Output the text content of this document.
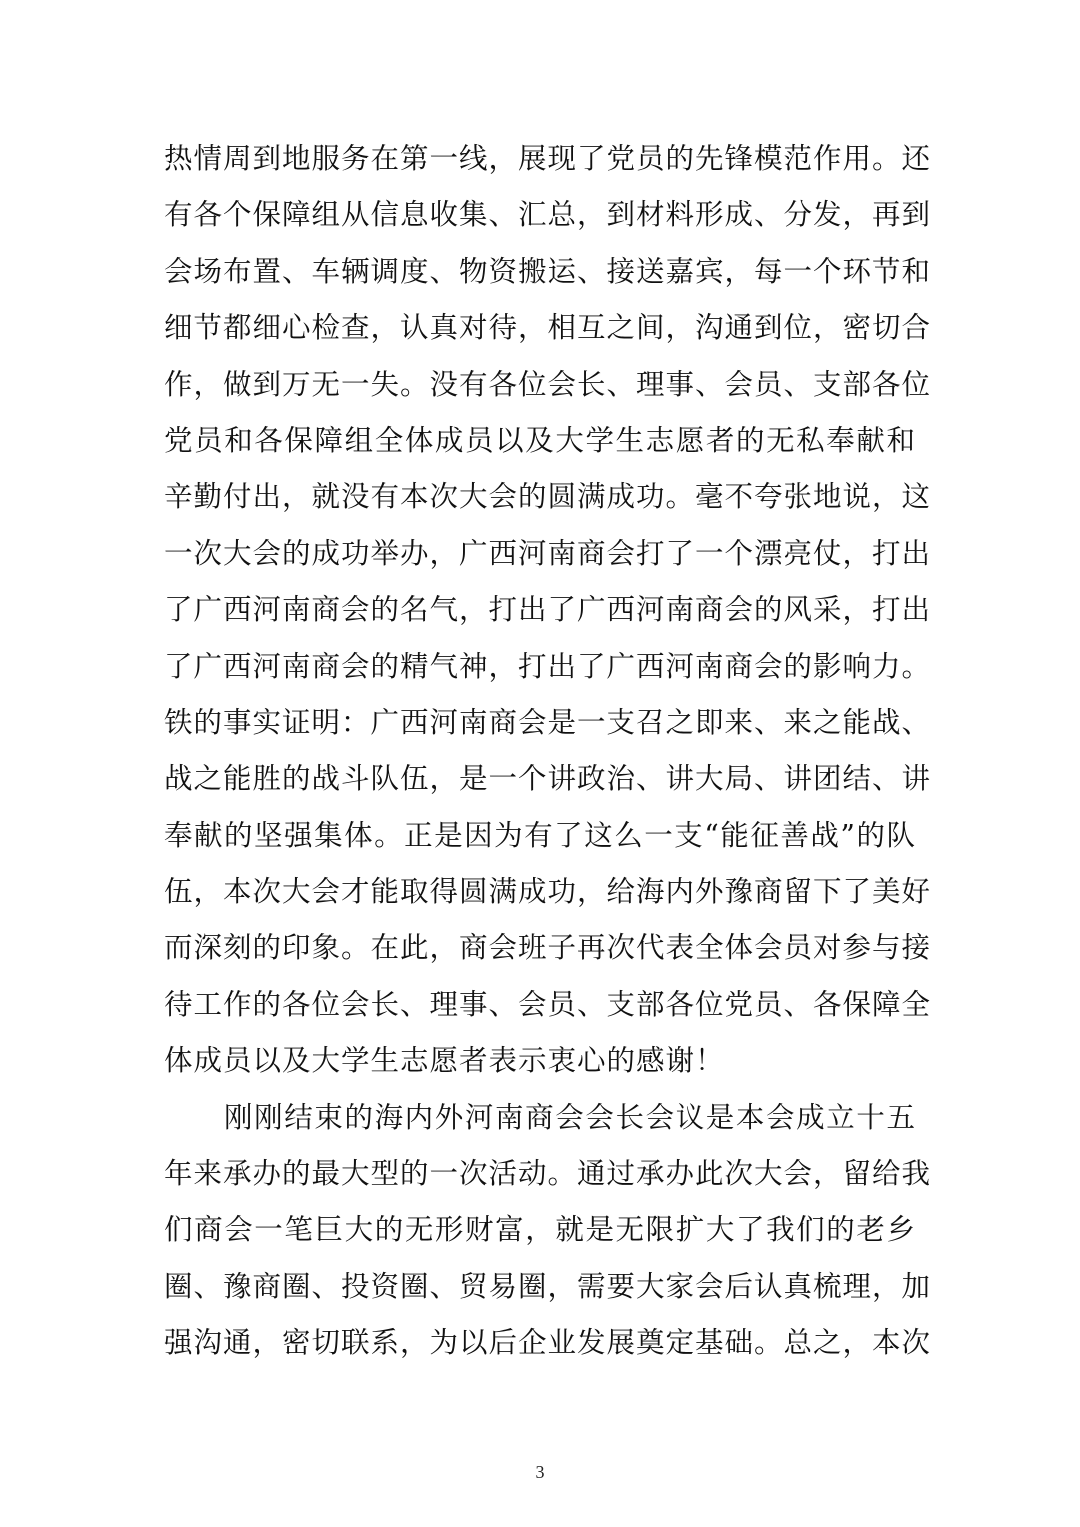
热情周到地服务在第一线，展现了党员的先锋模范作用。还
有各个保障组从信息收集、汇总，到材料形成、分发，再到
会场布置、车辆调度、物资搬运、接送嘉宾，每一个环节和
细节都细心检查，认真对待，相互之间，沟通到位，密切合
作，做到万无一失。没有各位会长、理事、会员、支部各位
党员和各保障组全体成员以及大学生志愿者的无私奉献和
辛勤付出，就没有本次大会的圆满成功。毫不夸张地说，这
一次大会的成功举办，广西河南商会打了一个漂亮仗，打出
了广西河南商会的名气，打出了广西河南商会的风采，打出
了广西河南商会的精气神，打出了广西河南商会的影响力。
铁的事实证明：广西河南商会是一支召之即来、来之能战、
战之能胜的战斗队伍，是一个讲政治、讲大局、讲团结、讲
奉献的坚强集体。正是因为有了这么一支“能征善战”的队
伍，本次大会才能取得圆满成功，给海内外豫商留下了美好
而深刻的印象。在此，商会班子再次代表全体会员对参与接
待工作的各位会长、理事、会员、支部各位党员、各保障全
体成员以及大学生志愿者表示衷心的感谢！
刚刚结束的海内外河南商会会长会议是本会成立十五
年来承办的最大型的一次活动。通过承办此次大会，留给我
们商会一笔巨大的无形财富，就是无限扩大了我们的老乡
圈、豫商圈、投资圈、贸易圈，需要大家会后认真梳理，加
强沟通，密切联系，为以后企业发展奠定基础。总之，本次
3
